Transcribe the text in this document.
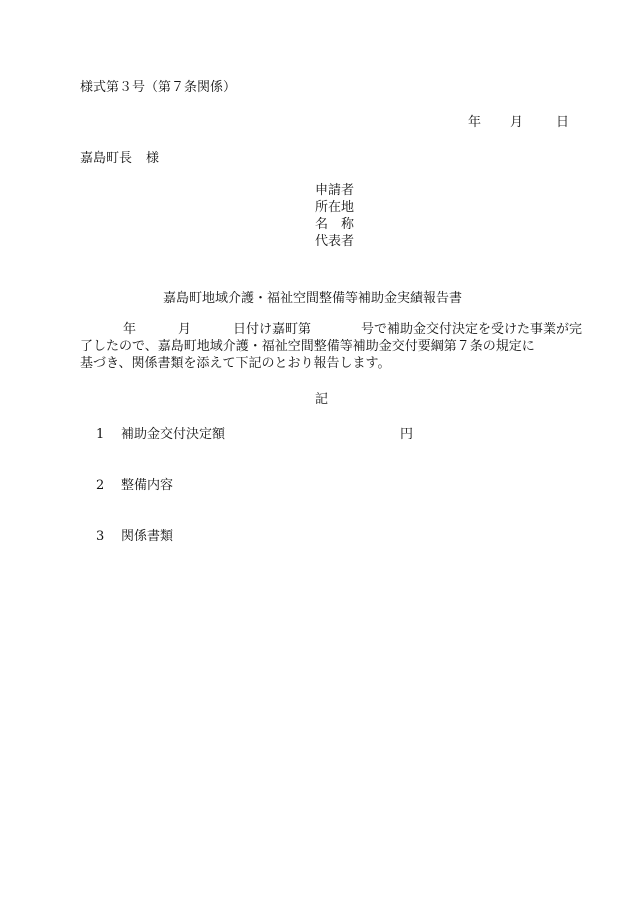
様式第３号（第７条関係）
年 月	日
嘉島町長 様
申請者
所在地
名 称
代表者
嘉島町地域介護・福祉空間整備等補助金実績報告書
年	月	日付け嘉町第	号で補助金交付決定を受けた事業が完
了したので、嘉島町地域介護・福祉空間整備等補助金交付要綱第７条の規定に
基づき、関係書類を添えて下記のとおり報告します。
記
1 補助金交付決定額	円
2 整備内容
3 関係書類
